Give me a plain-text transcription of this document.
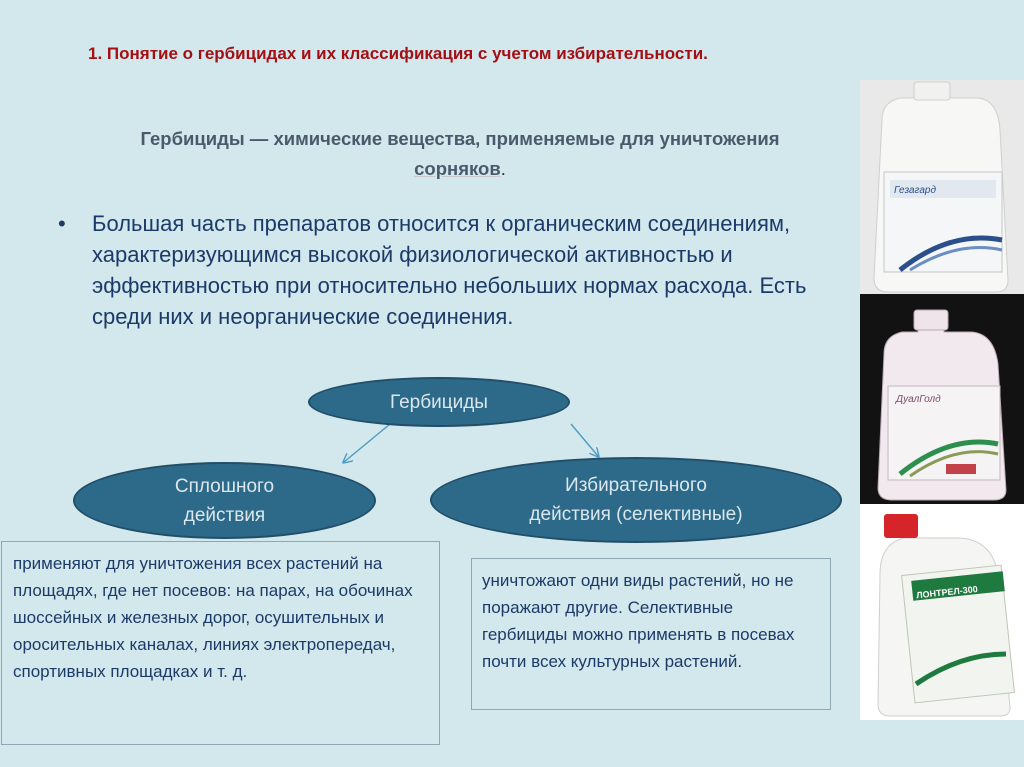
1. Понятие о гербицидах и их классификация с учетом избирательности.
Гербициды — химические вещества, применяемые для уничтожения
сорняков.
•	Большая часть препаратов относится к органическим соединениям, характеризующимся высокой физиологической активностью и эффективностью при относительно небольших нормах расхода. Есть среди них и неорганические соединения.
Гербициды
Сплошного
действия
Избирательного
действия (селективные)
применяют для уничтожения всех растений на площадях, где нет посевов: на парах, на обочинах шоссейных и железных дорог, осушительных и оросительных каналах, линиях электропередач, спортивных площадках и т. д.
уничтожают одни виды растений, но не поражают другие. Селективные гербициды можно применять в посевах почти всех культурных растений.
Гезагард
ДуалГолд
ЛОНТРЕЛ-300
